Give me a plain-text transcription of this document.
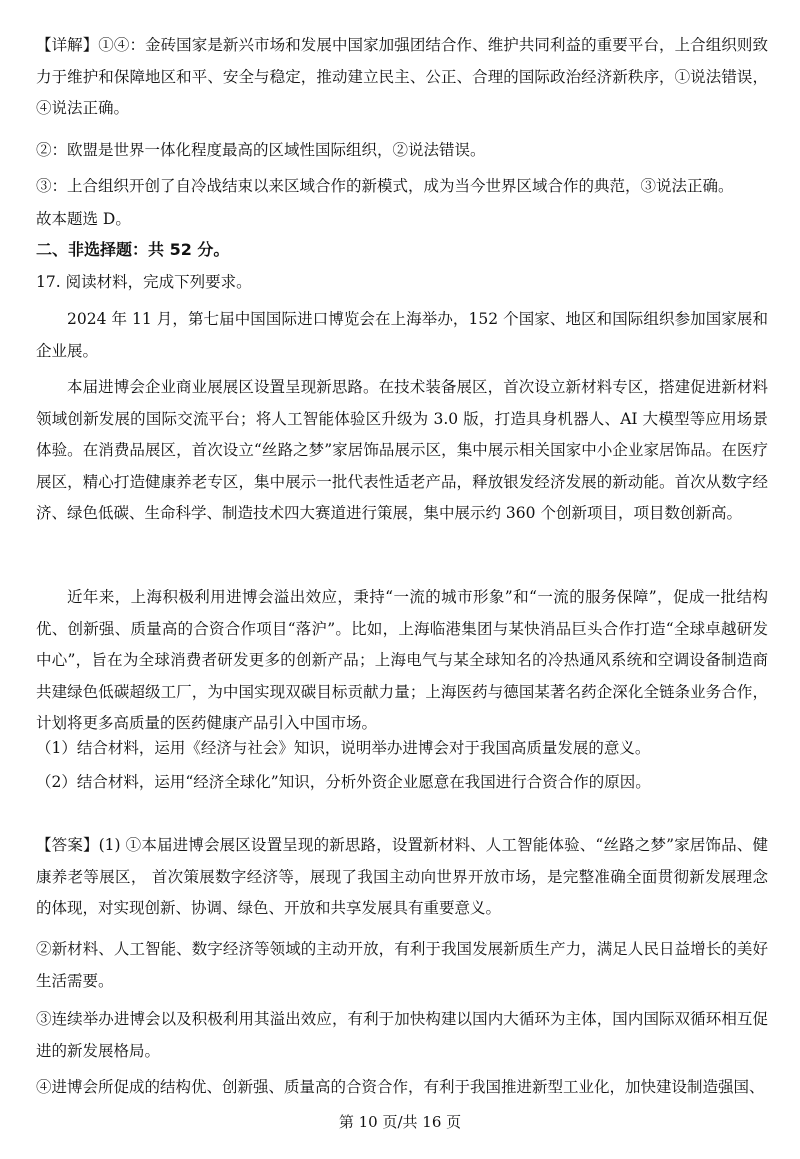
【详解】①④：金砖国家是新兴市场和发展中国家加强团结合作、维护共同利益的重要平台，上合组织则致力于维护和保障地区和平、安全与稳定，推动建立民主、公正、合理的国际政治经济新秩序，①说法错误，④说法正确。

②：欧盟是世界一体化程度最高的区域性国际组织，②说法错误。

③：上合组织开创了自冷战结束以来区域合作的新模式，成为当今世界区域合作的典范，③说法正确。

故本题选 D。

二、非选择题：共 52 分。

17. 阅读材料，完成下列要求。

2024 年 11 月，第七届中国国际进口博览会在上海举办，152 个国家、地区和国际组织参加国家展和企业展。

本届进博会企业商业展展区设置呈现新思路。在技术装备展区，首次设立新材料专区，搭建促进新材料领域创新发展的国际交流平台；将人工智能体验区升级为 3.0 版，打造具身机器人、AI 大模型等应用场景体验。在消费品展区，首次设立“丝路之梦”家居饰品展示区，集中展示相关国家中小企业家居饰品。在医疗展区，精心打造健康养老专区，集中展示一批代表性适老产品，释放银发经济发展的新动能。首次从数字经济、绿色低碳、生命科学、制造技术四大赛道进行策展，集中展示约 360 个创新项目，项目数创新高。

近年来，上海积极利用进博会溢出效应，秉持“一流的城市形象”和“一流的服务保障”，促成一批结构优、创新强、质量高的合资合作项目“落沪”。比如，上海临港集团与某快消品巨头合作打造“全球卓越研发中心”，旨在为全球消费者研发更多的创新产品；上海电气与某全球知名的冷热通风系统和空调设备制造商共建绿色低碳超级工厂，为中国实现双碳目标贡献力量；上海医药与德国某著名药企深化全链条业务合作，计划将更多高质量的医药健康产品引入中国市场。

（1）结合材料，运用《经济与社会》知识，说明举办进博会对于我国高质量发展的意义。

（2）结合材料，运用“经济全球化”知识，分析外资企业愿意在我国进行合资合作的原因。

【答案】(1) ①本届进博会展区设置呈现的新思路，设置新材料、人工智能体验、“丝路之梦”家居饰品、健康养老等展区， 首次策展数字经济等，展现了我国主动向世界开放市场，是完整准确全面贯彻新发展理念的体现，对实现创新、协调、绿色、开放和共享发展具有重要意义。

②新材料、人工智能、数字经济等领域的主动开放，有利于我国发展新质生产力，满足人民日益增长的美好生活需要。

③连续举办进博会以及积极利用其溢出效应，有利于加快构建以国内大循环为主体，国内国际双循环相互促进的新发展格局。

④进博会所促成的结构优、创新强、质量高的合资合作，有利于我国推进新型工业化，加快建设制造强国、

第 10 页/共 16 页
